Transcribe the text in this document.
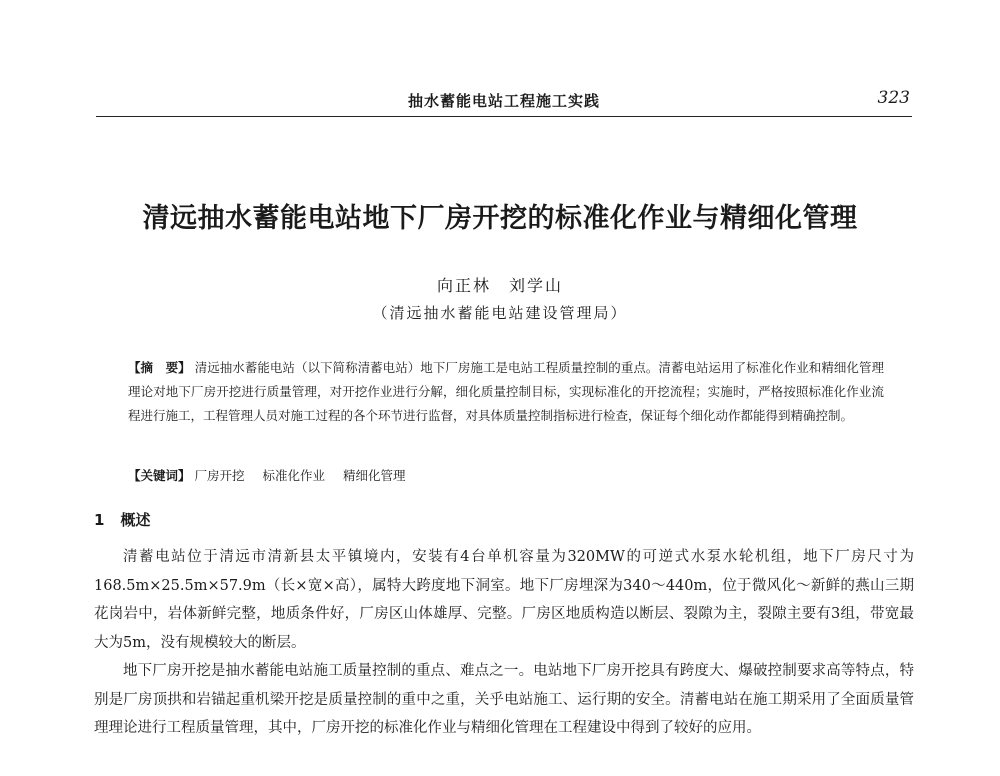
抽水蓄能电站工程施工实践	323
清远抽水蓄能电站地下厂房开挖的标准化作业与精细化管理
向正林　刘学山
（清远抽水蓄能电站建设管理局）
【摘　要】 清远抽水蓄能电站（以下简称清蓄电站）地下厂房施工是电站工程质量控制的重点。清蓄电站运用了标准化作业和精细化管理理论对地下厂房开挖进行质量管理，对开挖作业进行分解，细化质量控制目标，实现标准化的开挖流程；实施时，严格按照标准化作业流程进行施工，工程管理人员对施工过程的各个环节进行监督，对具体质量控制指标进行检查，保证每个细化动作都能得到精确控制。
【关键词】 厂房开挖 标准化作业 精细化管理
1 概述

清蓄电站位于清远市清新县太平镇境内，安装有4台单机容量为320MW的可逆式水泵水轮机组，地下厂房尺寸为168.5m×25.5m×57.9m（长×宽×高），属特大跨度地下洞室。地下厂房埋深为340～440m，位于微风化～新鲜的燕山三期花岗岩中，岩体新鲜完整，地质条件好，厂房区山体雄厚、完整。厂房区地质构造以断层、裂隙为主，裂隙主要有3组，带宽最大为5m，没有规模较大的断层。

地下厂房开挖是抽水蓄能电站施工质量控制的重点、难点之一。电站地下厂房开挖具有跨度大、爆破控制要求高等特点，特别是厂房顶拱和岩锚起重机梁开挖是质量控制的重中之重，关乎电站施工、运行期的安全。清蓄电站在施工期采用了全面质量管理理论进行工程质量管理，其中，厂房开挖的标准化作业与精细化管理在工程建设中得到了较好的应用。
